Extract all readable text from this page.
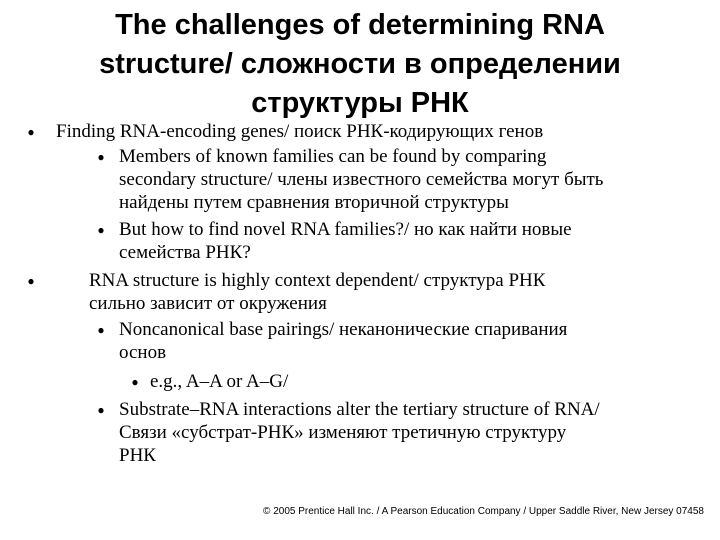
The challenges of determining RNA
structure/ сложности в определении
структуры РНК
⦁ Finding RNA-encoding genes/ поиск РНК-кодирующих генов
⦁ Members of known families can be found by comparing
secondary structure/ члены известного семейства могут быть
найдены путем сравнения вторичной структуры
⦁ But how to find novel RNA families?/ но как найти новые
семейства РНК?
⦁	RNA structure is highly context dependent/ структура РНК
сильно зависит от окружения
⦁ Noncanonical base pairings/ неканонические спаривания
основ
⦁ e.g., A–A or A–G/
⦁ Substrate–RNA interactions alter the tertiary structure of RNA/
Связи «субстрат-РНК» изменяют третичную структуру
РНК
© 2005 Prentice Hall Inc. / A Pearson Education Company / Upper Saddle River, New Jersey 07458
